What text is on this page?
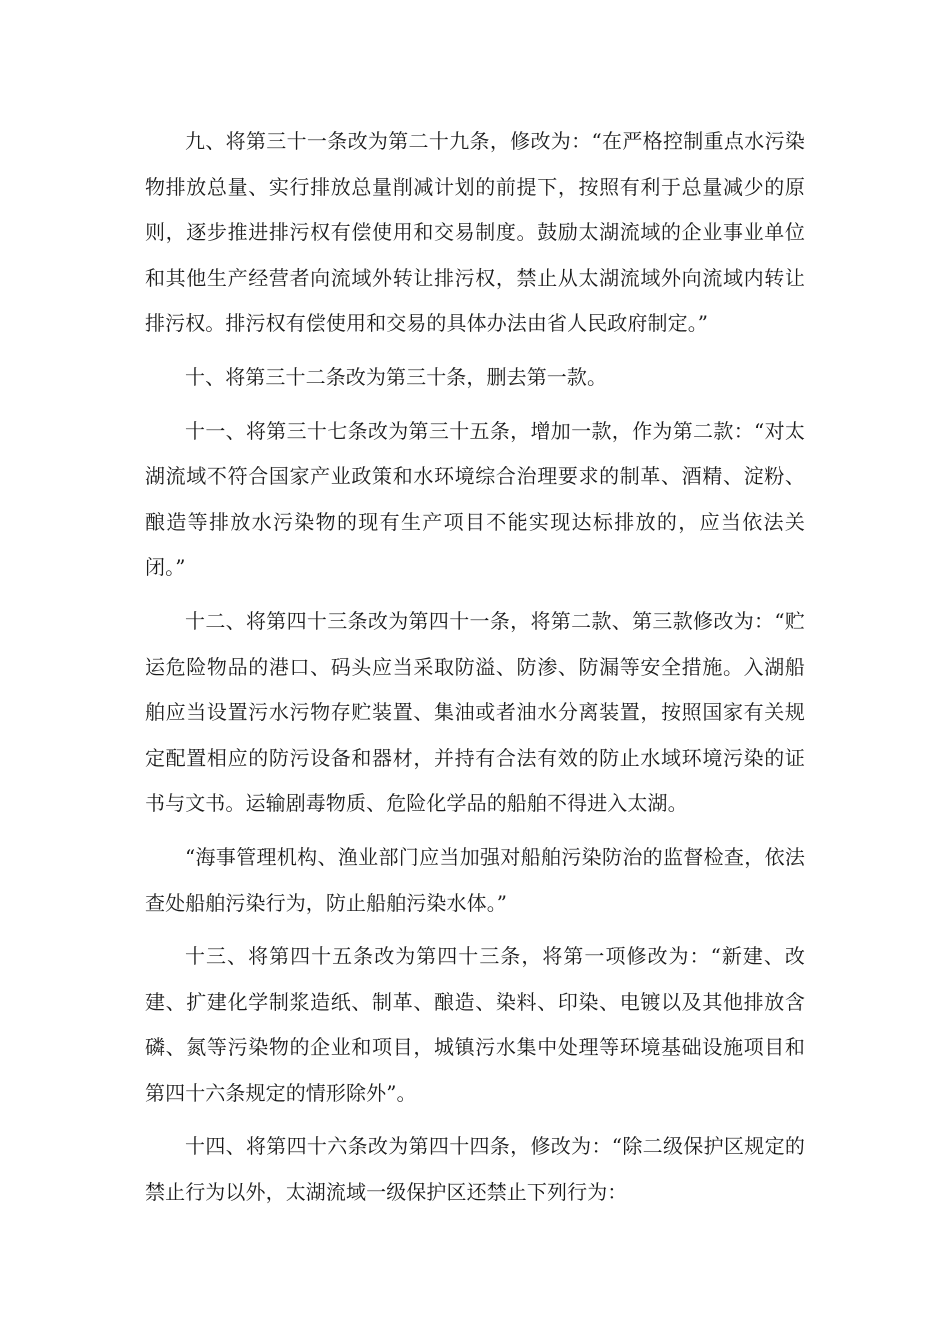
九、将第三十一条改为第二十九条，修改为：“在严格控制重点水污染物排放总量、实行排放总量削减计划的前提下，按照有利于总量减少的原则，逐步推进排污权有偿使用和交易制度。鼓励太湖流域的企业事业单位和其他生产经营者向流域外转让排污权，禁止从太湖流域外向流域内转让排污权。排污权有偿使用和交易的具体办法由省人民政府制定。”

十、将第三十二条改为第三十条，删去第一款。

十一、将第三十七条改为第三十五条，增加一款，作为第二款：“对太湖流域不符合国家产业政策和水环境综合治理要求的制革、酒精、淀粉、酿造等排放水污染物的现有生产项目不能实现达标排放的，应当依法关闭。”

十二、将第四十三条改为第四十一条，将第二款、第三款修改为：“贮运危险物品的港口、码头应当采取防溢、防渗、防漏等安全措施。入湖船舶应当设置污水污物存贮装置、集油或者油水分离装置，按照国家有关规定配置相应的防污设备和器材，并持有合法有效的防止水域环境污染的证书与文书。运输剧毒物质、危险化学品的船舶不得进入太湖。

“海事管理机构、渔业部门应当加强对船舶污染防治的监督检查，依法查处船舶污染行为，防止船舶污染水体。”

十三、将第四十五条改为第四十三条，将第一项修改为：“新建、改建、扩建化学制浆造纸、制革、酿造、染料、印染、电镀以及其他排放含磷、氮等污染物的企业和项目，城镇污水集中处理等环境基础设施项目和第四十六条规定的情形除外”。

十四、将第四十六条改为第四十四条，修改为：“除二级保护区规定的禁止行为以外，太湖流域一级保护区还禁止下列行为：
